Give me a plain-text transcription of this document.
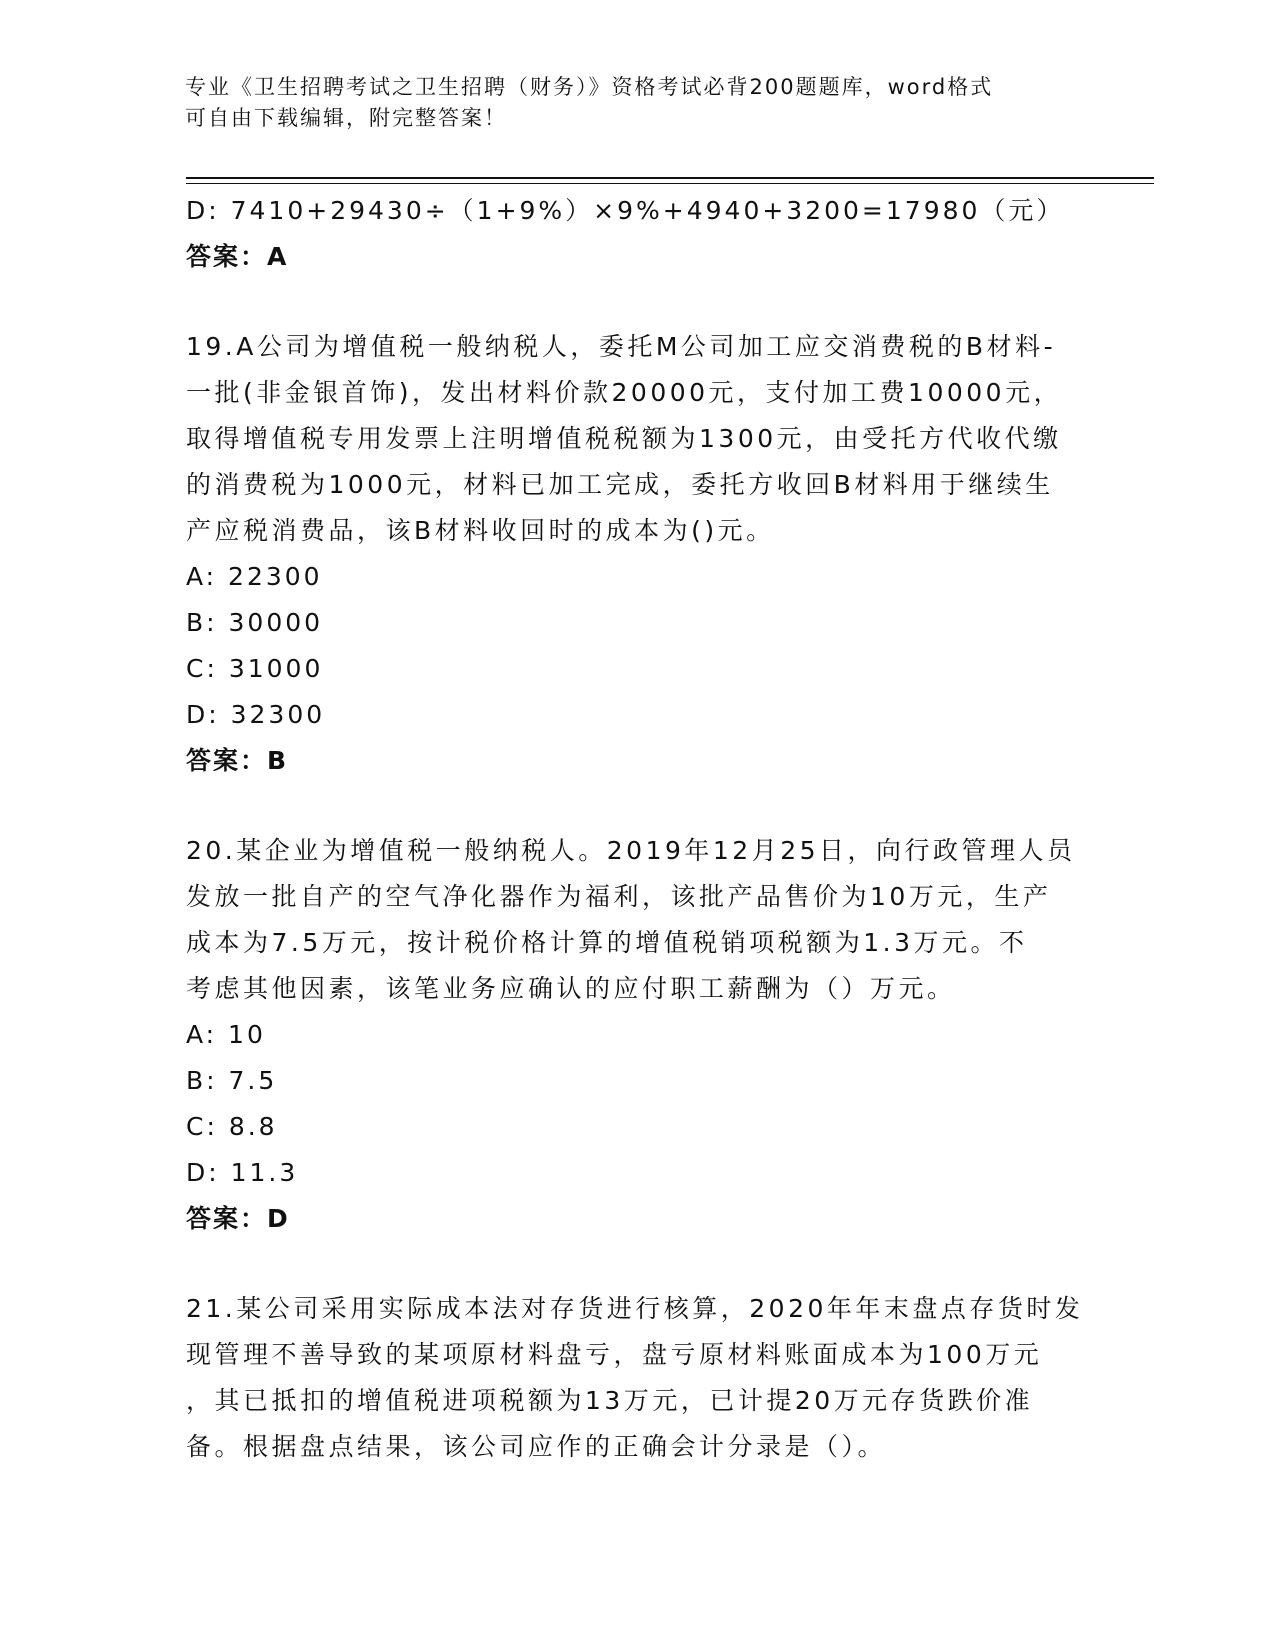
专业《卫生招聘考试之卫生招聘（财务）》资格考试必背200题题库，word格式
可自由下载编辑，附完整答案！
D: 7410+29430÷（1+9%）×9%+4940+3200=17980（元）
答案：A
19.A公司为增值税一般纳税人，委托M公司加工应交消费税的B材料-
一批(非金银首饰)，发出材料价款20000元，支付加工费10000元，
取得增值税专用发票上注明增值税税额为1300元，由受托方代收代缴
的消费税为1000元，材料已加工完成，委托方收回B材料用于继续生
产应税消费品，该B材料收回时的成本为()元。
A: 22300
B: 30000
C: 31000
D: 32300
答案：B
20.某企业为增值税一般纳税人。2019年12月25日，向行政管理人员
发放一批自产的空气净化器作为福利，该批产品售价为10万元，生产
成本为7.5万元，按计税价格计算的增值税销项税额为1.3万元。不
考虑其他因素，该笔业务应确认的应付职工薪酬为（）万元。
A: 10
B: 7.5
C: 8.8
D: 11.3
答案：D
21.某公司采用实际成本法对存货进行核算，2020年年末盘点存货时发
现管理不善导致的某项原材料盘亏，盘亏原材料账面成本为100万元
，其已抵扣的增值税进项税额为13万元，已计提20万元存货跌价准
备。根据盘点结果，该公司应作的正确会计分录是（）。
